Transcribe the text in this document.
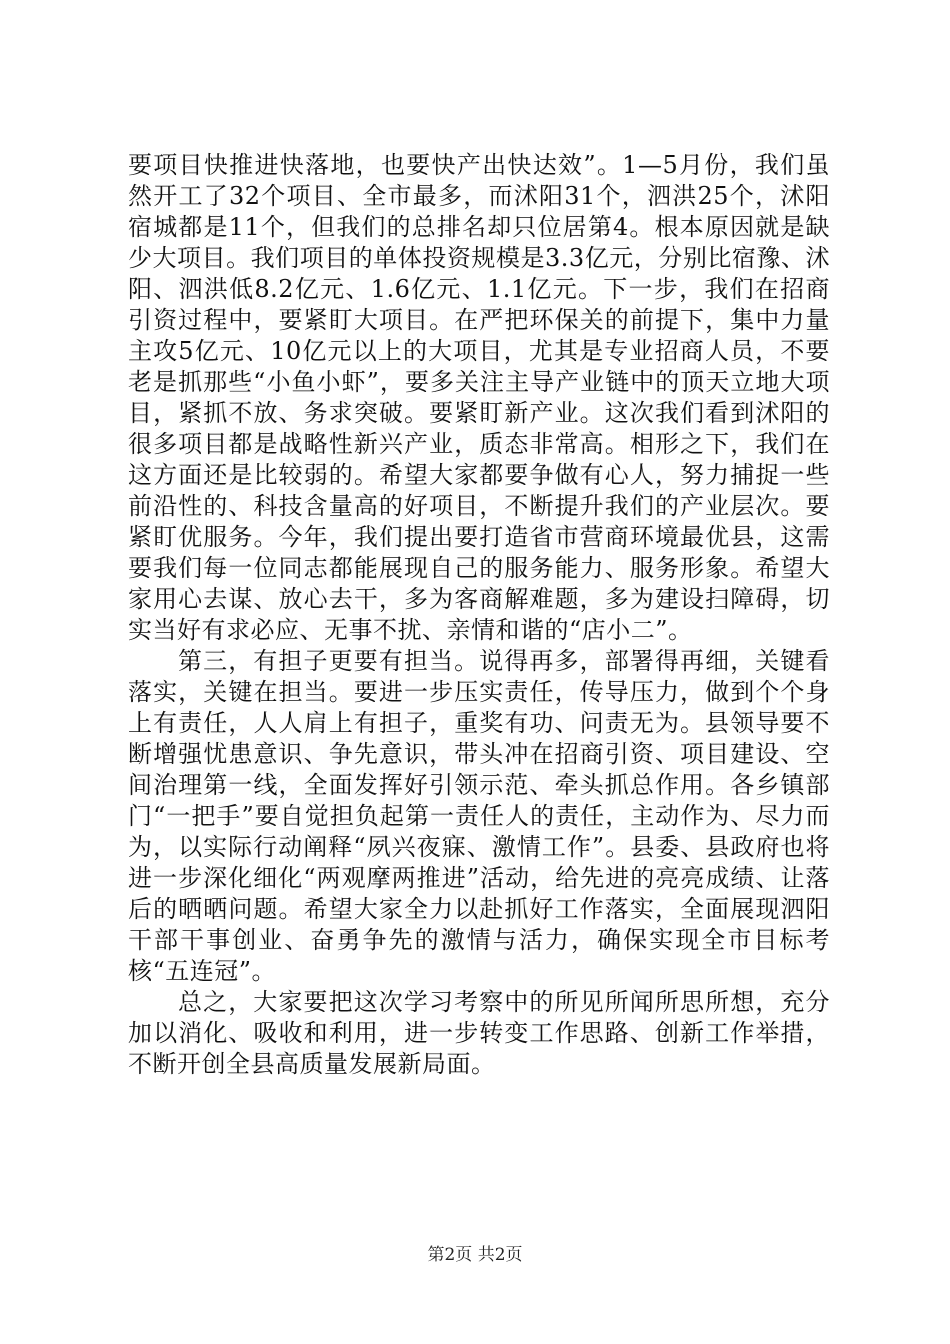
要项目快推进快落地，也要快产出快达效”。1—5月份，我们虽然开工了32个项目、全市最多，而沭阳31个，泗洪25个，沭阳宿城都是11个，但我们的总排名却只位居第4。根本原因就是缺少大项目。我们项目的单体投资规模是3.3亿元，分别比宿豫、沭阳、泗洪低8.2亿元、1.6亿元、1.1亿元。下一步，我们在招商引资过程中，要紧盯大项目。在严把环保关的前提下，集中力量主攻5亿元、10亿元以上的大项目，尤其是专业招商人员，不要老是抓那些“小鱼小虾”，要多关注主导产业链中的顶天立地大项目，紧抓不放、务求突破。要紧盯新产业。这次我们看到沭阳的很多项目都是战略性新兴产业，质态非常高。相形之下，我们在这方面还是比较弱的。希望大家都要争做有心人，努力捕捉一些前沿性的、科技含量高的好项目，不断提升我们的产业层次。要紧盯优服务。今年，我们提出要打造省市营商环境最优县，这需要我们每一位同志都能展现自己的服务能力、服务形象。希望大家用心去谋、放心去干，多为客商解难题，多为建设扫障碍，切实当好有求必应、无事不扰、亲情和谐的“店小二”。

第三，有担子更要有担当。说得再多，部署得再细，关键看落实，关键在担当。要进一步压实责任，传导压力，做到个个身上有责任，人人肩上有担子，重奖有功、问责无为。县领导要不断增强忧患意识、争先意识，带头冲在招商引资、项目建设、空间治理第一线，全面发挥好引领示范、牵头抓总作用。各乡镇部门“一把手”要自觉担负起第一责任人的责任，主动作为、尽力而为，以实际行动阐释“夙兴夜寐、激情工作”。县委、县政府也将进一步深化细化“两观摩两推进”活动，给先进的亮亮成绩、让落后的晒晒问题。希望大家全力以赴抓好工作落实，全面展现泗阳干部干事创业、奋勇争先的激情与活力，确保实现全市目标考核“五连冠”。

总之，大家要把这次学习考察中的所见所闻所思所想，充分加以消化、吸收和利用，进一步转变工作思路、创新工作举措，不断开创全县高质量发展新局面。

第2页 共2页
